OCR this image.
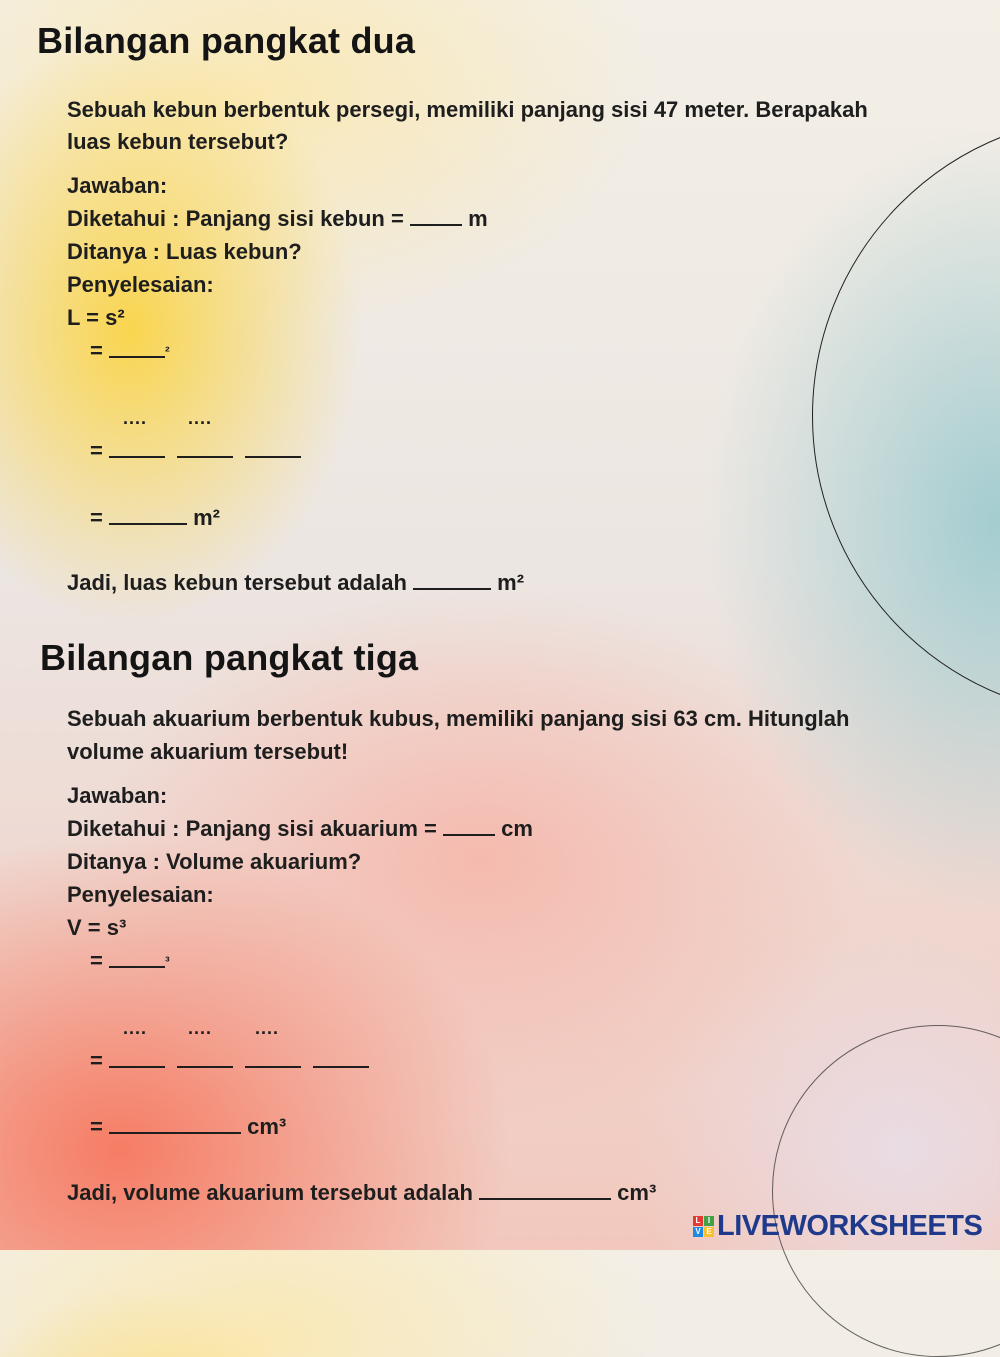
Bilangan pangkat dua

Sebuah kebun berbentuk persegi, memiliki panjang sisi 47 meter. Berapakah

luas kebun tersebut?

Jawaban:

Diketahui : Panjang sisi kebun =	m

Ditanya : Luas kebun?

Penyelesaian:

L = s²

=	$^{^2}$

.... ....

=

=	m²

Jadi, luas kebun tersebut adalah	m²

Bilangan pangkat tiga

Sebuah akuarium berbentuk kubus, memiliki panjang sisi 63 cm. Hitunglah

volume akuarium tersebut!

Jawaban:

Diketahui : Panjang sisi akuarium =	cm

Ditanya : Volume akuarium?

Penyelesaian:

V = s³

=	$^{^3}$

.... .... ....

=

=	cm³

Jadi, volume akuarium tersebut adalah	cm³

L I
V E LIVEWORKSHEETS
